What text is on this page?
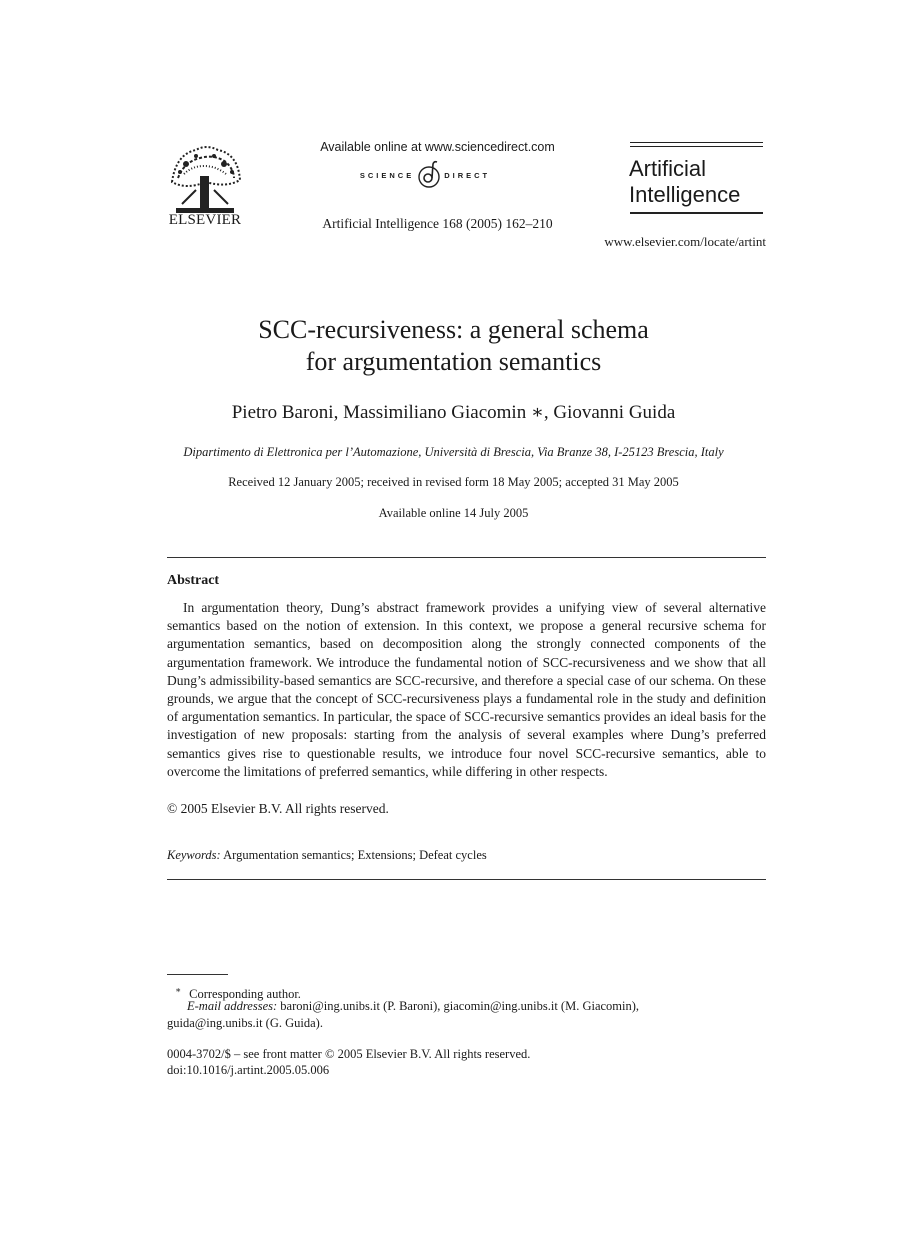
ELSEVIER
Available online at www.sciencedirect.com
SCIENCE	DIRECT
Artificial Intelligence 168 (2005) 162–210
Artificial
Intelligence
www.elsevier.com/locate/artint
SCC-recursiveness: a general schema
for argumentation semantics
Pietro Baroni, Massimiliano Giacomin ∗, Giovanni Guida
Dipartimento di Elettronica per l’Automazione, Università di Brescia, Via Branze 38, I-25123 Brescia, Italy
Received 12 January 2005; received in revised form 18 May 2005; accepted 31 May 2005
Available online 14 July 2005
Abstract

In argumentation theory, Dung’s abstract framework provides a unifying view of several alternative semantics based on the notion of extension. In this context, we propose a general recursive schema for argumentation semantics, based on decomposition along the strongly connected components of the argumentation framework. We introduce the fundamental notion of SCC-recursiveness and we show that all Dung’s admissibility-based semantics are SCC-recursive, and therefore a special case of our schema. On these grounds, we argue that the concept of SCC-recursiveness plays a fundamental role in the study and definition of argumentation semantics. In particular, the space of SCC-recursive semantics provides an ideal basis for the investigation of new proposals: starting from the analysis of several examples where Dung’s preferred semantics gives rise to questionable results, we introduce four novel SCC-recursive semantics, able to overcome the limitations of preferred semantics, while differing in other respects.

© 2005 Elsevier B.V. All rights reserved.
Keywords: Argumentation semantics; Extensions; Defeat cycles
∗ Corresponding author.

E-mail addresses: baroni@ing.unibs.it (P. Baroni), giacomin@ing.unibs.it (M. Giacomin), guida@ing.unibs.it (G. Guida).

0004-3702/$ – see front matter © 2005 Elsevier B.V. All rights reserved.
doi:10.1016/j.artint.2005.05.006
